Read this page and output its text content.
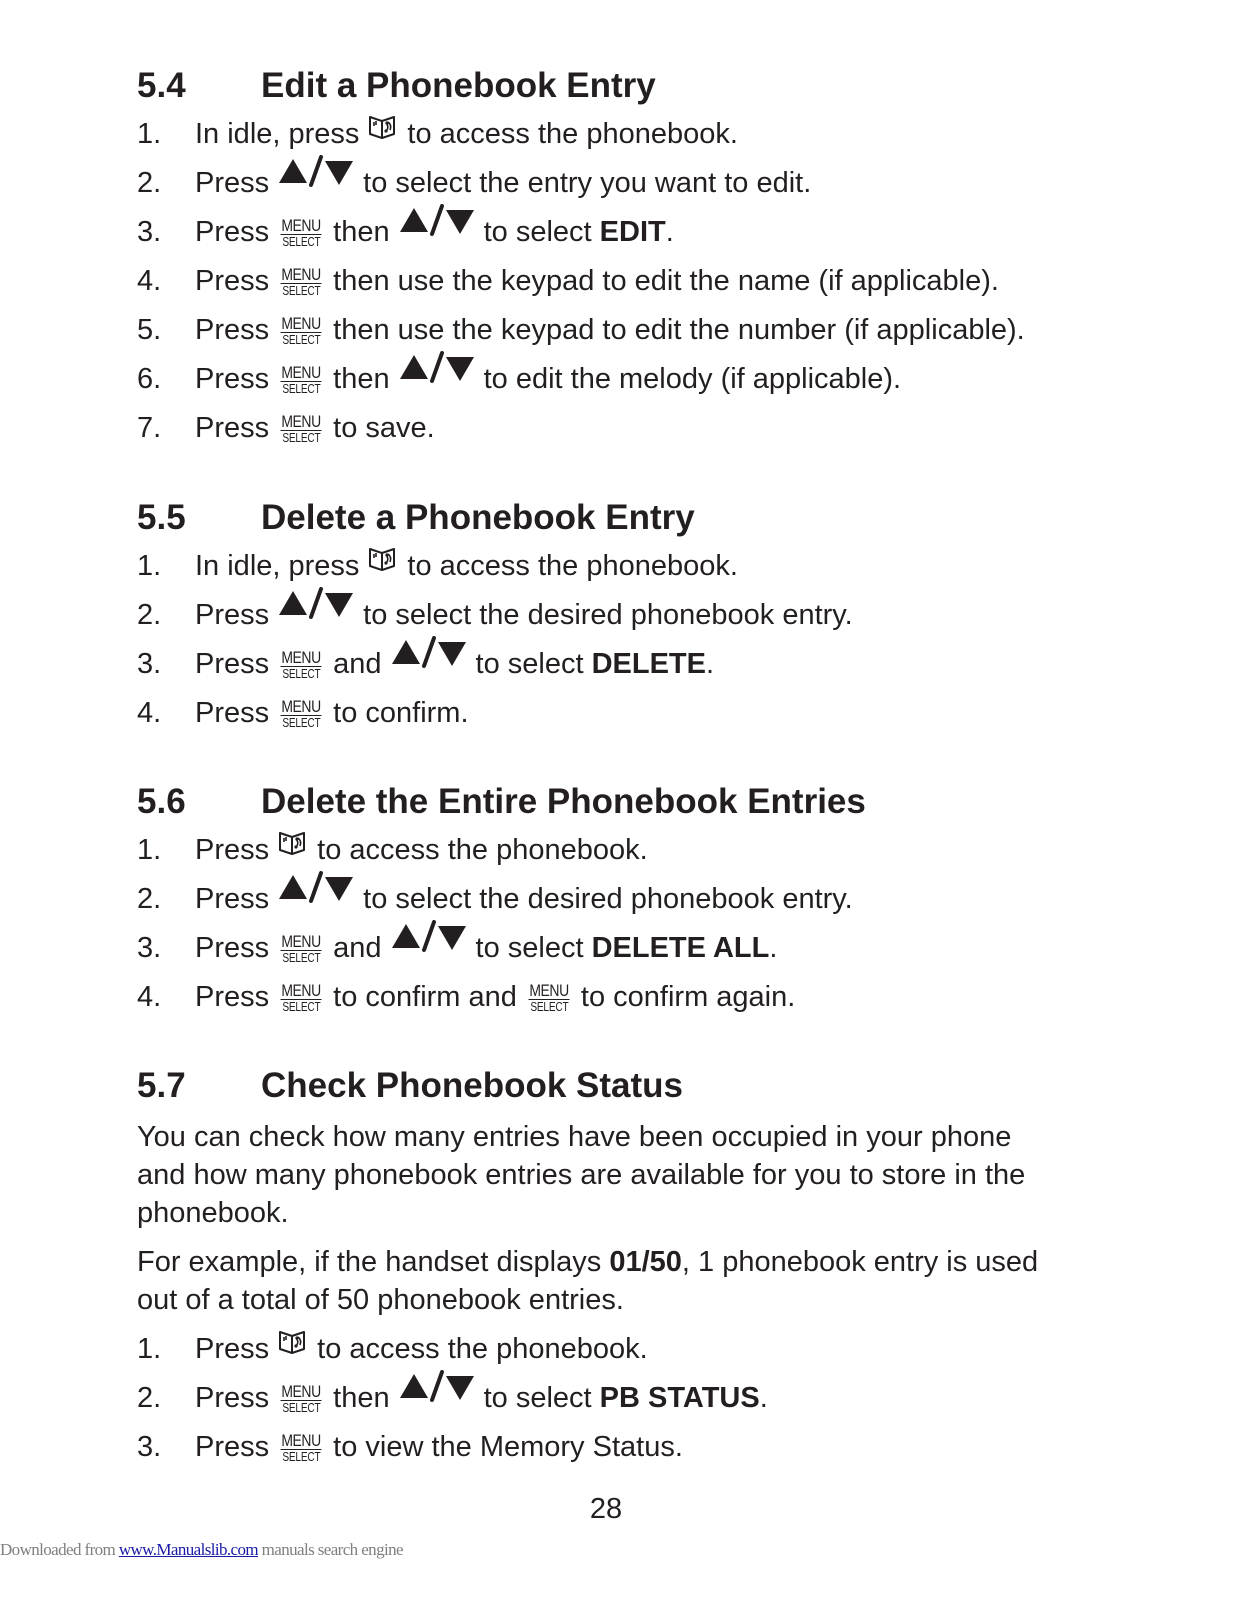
5.4 Edit a Phonebook Entry
1. In idle, press to access the phonebook.
2. Press	to select the entry you want to edit.
3. Press MENU
SELECT then	to select EDIT .
4. Press MENU
SELECT then use the keypad to edit the name (if applicable).
5. Press MENU
SELECT then use the keypad to edit the number (if applicable).
6. Press MENU
SELECT then	to edit the melody (if applicable).
7. Press MENU
SELECT to save.
5.5 Delete a Phonebook Entry
1. In idle, press to access the phonebook.
2. Press	to select the desired phonebook entry.
3. Press MENU
SELECT and	to select DELETE .
4. Press MENU
SELECT to confirm.
5.6 Delete the Entire Phonebook Entries
1. Press to access the phonebook.
2. Press	to select the desired phonebook entry.
3. Press MENU
SELECT and	to select DELETE ALL .
4. Press MENU
SELECT to confirm and MENU
SELECT to confirm again.
5.7 Check Phonebook Status

You can check how many entries have been occupied in your phone and how many phonebook entries are available for you to store in the phonebook.

For example, if the handset displays 01/50, 1 phonebook entry is used out of a total of 50 phonebook entries.

1. Press to access the phonebook.
2. Press MENU
SELECT then	to select PB STATUS .
3. Press MENU
SELECT to view the Memory Status.
28
Downloaded from www.Manualslib.com manuals search engine
